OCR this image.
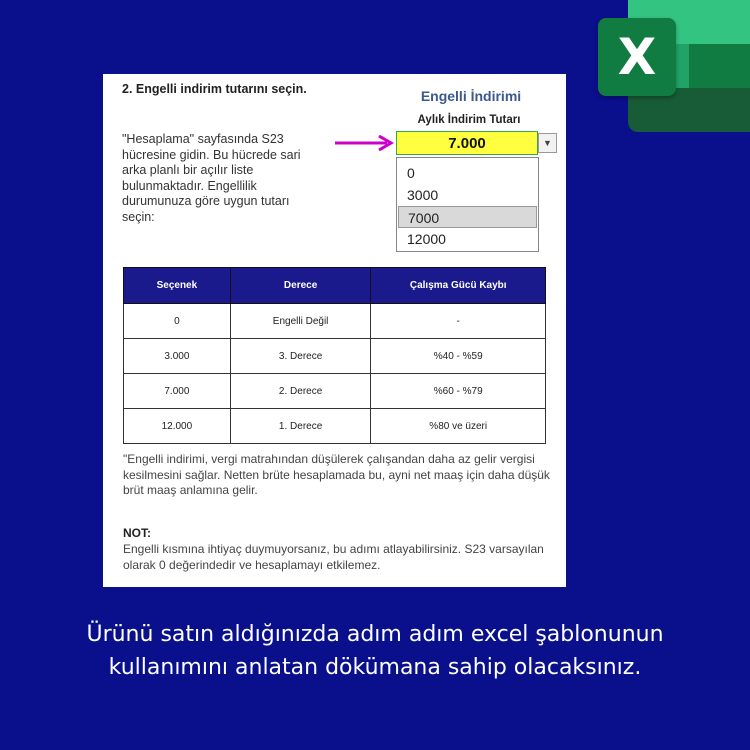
X
2. Engelli indirim tutarını seçin.
"Hesaplama" sayfasında S23 hücresine gidin. Bu hücrede sari arka planlı bir açılır liste bulunmaktadır. Engellilik durumunuza göre uygun tutarı seçin:
Engelli İndirimi
Aylık İndirim Tutarı
7.000	▼
0
3000
7000
12000
Seçenek	Derece	Çalışma Gücü Kaybı
0	Engelli Değil	-
3.000	3. Derece	%40 - %59
7.000	2. Derece	%60 - %79
12.000	1. Derece	%80 ve üzeri
"Engelli indirimi, vergi matrahından düşülerek çalışandan daha az gelir vergisi kesilmesini sağlar. Netten brüte hesaplamada bu, ayni net maaş için daha düşük brüt maaş anlamına gelir.
NOT:
Engelli kısmına ihtiyaç duymuyorsanız, bu adımı atlayabilirsiniz. S23 varsayılan olarak 0 değerindedir ve hesaplamayı etkilemez.
Ürünü satın aldığınızda adım adım excel şablonunun
kullanımını anlatan dökümana sahip olacaksınız.
